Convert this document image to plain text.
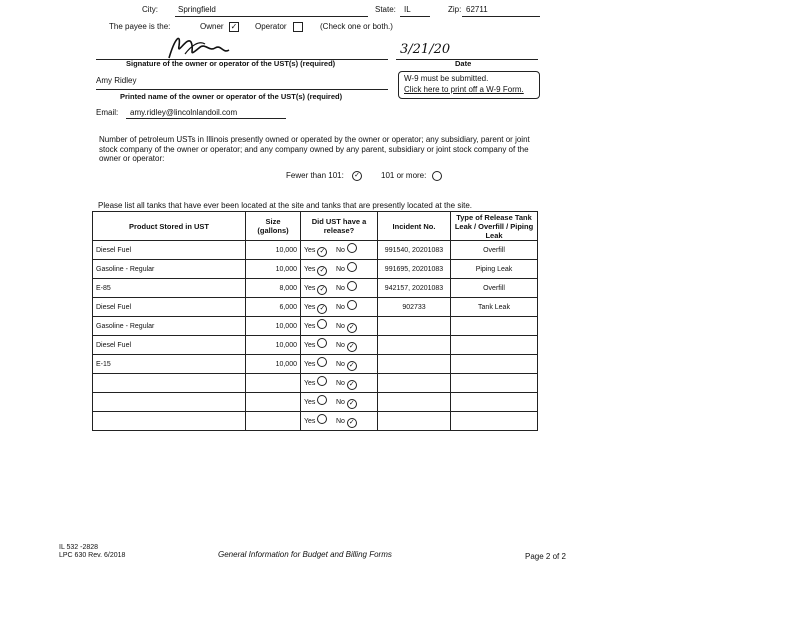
City:	Springfield	State: IL	Zip: 62711
The payee is the:	Owner ✓ Operator	(Check one or both.)
Signature of the owner or operator of the UST(s) (required)
3/21/20
Date
Amy Ridley
Printed name of the owner or operator of the UST(s) (required)
W-9 must be submitted.
Click here to print off a W-9 Form.
Email: amy.ridley@lincolnlandoil.com
Number of petroleum USTs in Illinois presently owned or operated by the owner or operator; any subsidiary, parent or joint stock company of the owner or operator; and any company owned by any parent, subsidiary or joint stock company of the owner or operator:
Fewer than 101: ✓	101 or more:
Please list all tanks that have ever been located at the site and tanks that are presently located at the site.
Product Stored in UST	Size (gallons)	Did UST have a release?	Incident No.	Type of Release Tank Leak / Overfill / Piping Leak
Diesel Fuel	10,000	Yes ✓ No	991540, 20201083	Overfill
Gasoline - Regular	10,000	Yes ✓ No	991695, 20201083	Piping Leak
E-85	8,000	Yes ✓ No	942157, 20201083	Overfill
Diesel Fuel	6,000	Yes ✓ No	902733	Tank Leak
Gasoline - Regular	10,000	Yes No ✓		
Diesel Fuel	10,000	Yes No ✓		
E-15	10,000	Yes No ✓		
		Yes No ✓		
		Yes No ✓		
		Yes No ✓		
IL 532 -2828
LPC 630 Rev. 6/2018	General Information for Budget and Billing Forms	Page 2 of 2
